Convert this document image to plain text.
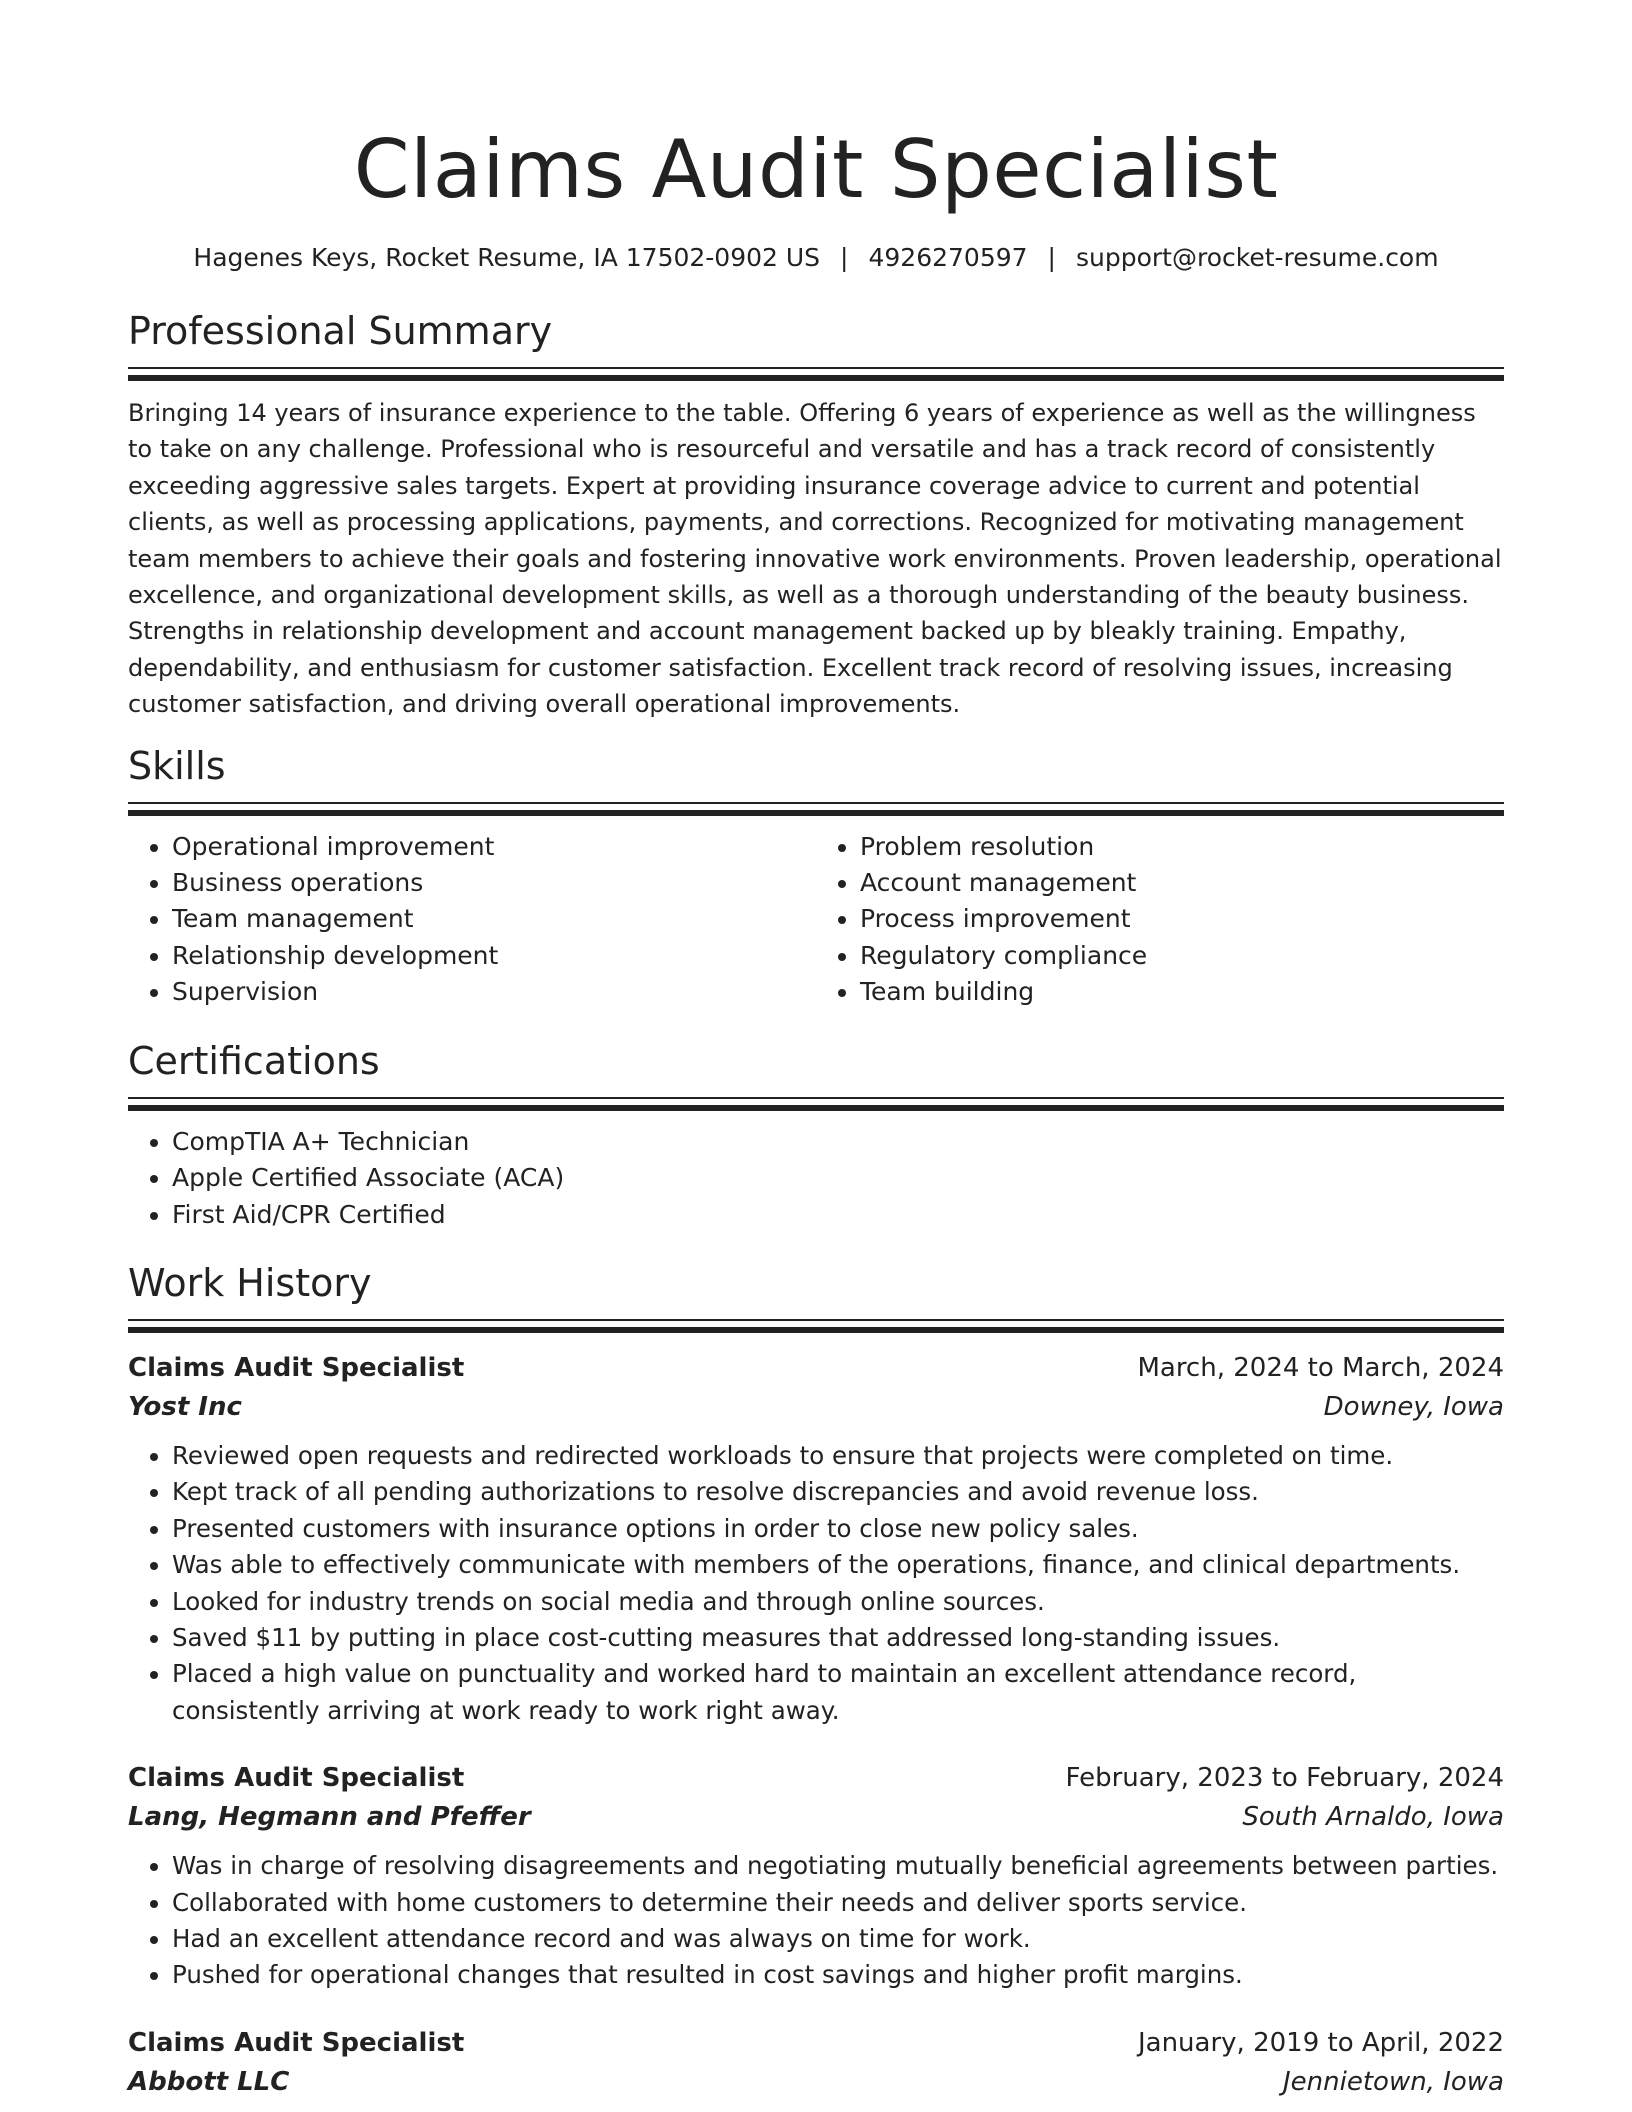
Claims Audit Specialist
Hagenes Keys, Rocket Resume, IA 17502-0902 US | 4926270597 | support@rocket-resume.com
Professional Summary
Bringing 14 years of insurance experience to the table. Offering 6 years of experience as well as the willingness to take on any challenge. Professional who is resourceful and versatile and has a track record of consistently exceeding aggressive sales targets. Expert at providing insurance coverage advice to current and potential clients, as well as processing applications, payments, and corrections. Recognized for motivating management team members to achieve their goals and fostering innovative work environments. Proven leadership, operational excellence, and organizational development skills, as well as a thorough understanding of the beauty business. Strengths in relationship development and account management backed up by bleakly training. Empathy, dependability, and enthusiasm for customer satisfaction. Excellent track record of resolving issues, increasing customer satisfaction, and driving overall operational improvements.
Skills
• Operational improvement
• Business operations
• Team management
• Relationship development
• Supervision
• Problem resolution
• Account management
• Process improvement
• Regulatory compliance
• Team building
Certifications
• CompTIA A+ Technician
• Apple Certified Associate (ACA)
• First Aid/CPR Certified
Work History
Claims Audit Specialist	March, 2024 to March, 2024
Yost Inc	Downey, Iowa
• Reviewed open requests and redirected workloads to ensure that projects were completed on time.
• Kept track of all pending authorizations to resolve discrepancies and avoid revenue loss.
• Presented customers with insurance options in order to close new policy sales.
• Was able to effectively communicate with members of the operations, finance, and clinical departments.
• Looked for industry trends on social media and through online sources.
• Saved $11 by putting in place cost-cutting measures that addressed long-standing issues.
• Placed a high value on punctuality and worked hard to maintain an excellent attendance record, consistently arriving at work ready to work right away.
Claims Audit Specialist	February, 2023 to February, 2024
Lang, Hegmann and Pfeffer	South Arnaldo, Iowa
• Was in charge of resolving disagreements and negotiating mutually beneficial agreements between parties.
• Collaborated with home customers to determine their needs and deliver sports service.
• Had an excellent attendance record and was always on time for work.
• Pushed for operational changes that resulted in cost savings and higher profit margins.
Claims Audit Specialist	January, 2019 to April, 2022
Abbott LLC	Jennietown, Iowa
